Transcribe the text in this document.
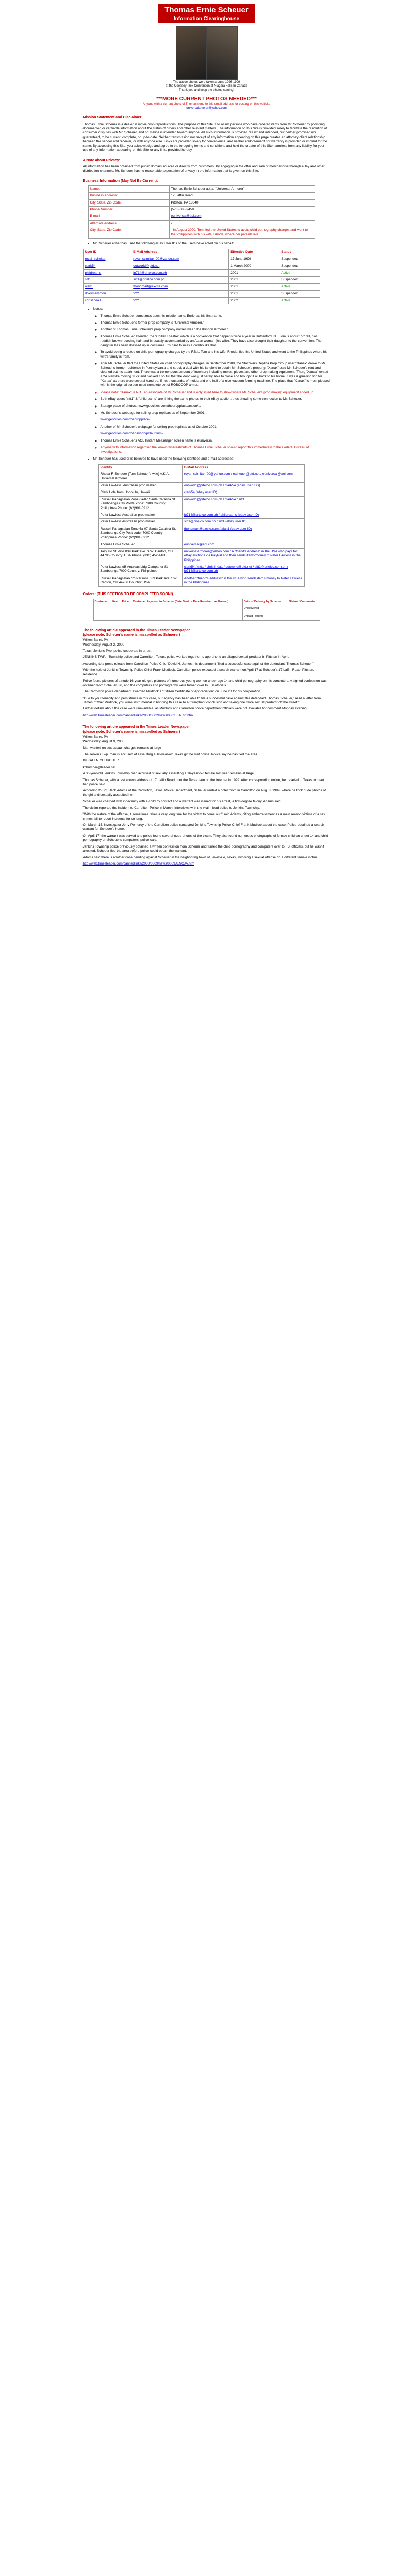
Thomas Ernie Scheuer
Information Clearinghouse
The above photos were taken around 1996-1999
at the Odessey Trek Convention at Niagara Falls In Canada
Thank you and keep the photos coming!
***MORE CURRENT PHOTOS NEEDED***
Anyone with a current photo of Thomas send to this email address for posting on this website
universalamorer@yahoo.com
Mission Statement and Disclaimer:

Thomas Ernie Scheuer is a dealer in movie prop reproductions. The purpose of this Site is to assist persons who have ordered items from Mr. Scheuer by providing documented or verifiable information about the status of orders and other relevant matters. The information on this Site is provided solely to facilitate the resolution of consumer disputes with Mr. Scheuer, and no malice is intended toward anyone. All such information is provided "as is" and intended, but neither promised nor guaranteed, to be current, complete, or up-to-date. Neither transmission nor receipt of any information appearing on this page creates an attorney-client relationship between the sender and receiver, or with anyone else. Links are provided solely for convenience, and neither endorsement nor warranty is provided or implied for the same. By accessing this Site, you acknowledge and agree to the foregoing terms and conditions and hold the creator of this Site harmless from any liability for your use of any information appearing on this Site or any links provided hereby.

A Note about Privacy:

All information has been obtained from public domain sources or directly from customers. By engaging in the offer and sale of merchandise through eBay and other distribution channels, Mr. Scheuer has no reasonable expectation of privacy in the information that is given on this Site.

Business Information (May Not Be Current):
Name:	Thomas Ernie Scheuer a.k.a. "Universal Armorer"
Business Address:	17 Laffin Road
City, State, Zip Code:	Pittston, PA 18640
Phone Number:	(570) 883-9459
E-mail:	euniversal@aol.com
Alternate Address:	-
City, State, Zip Code:	- In August 2000, Tom fled the United States to avoid child pornography charges and went to the Philippines with his wife, Rhoda, where her parents live.
• Mr. Scheuer either has used the following eBay User IDs or the users have acted on his behalf:
User ID	E-Mail Address	Effective Date	Status
royal_scimitar	royal_scimitar_00@yahoo.com	17 June 1999	Suspended
clark54	outworld@ptd.net	1 March 2000	Suspended
phildreams	jp714@prtelco.com.ph	2001	Active
sitt1	sitt1@prtelco.com.ph	2001	Suspended
alan1	thongmart@excite.com	2001	Active
doxymammon	???	2001	Suspended
christinea1	???	2002	Active
• Notes:
◦ Thomas Ernie Scheuer sometimes uses his middle name, Ernie, as his first name.
◦ Thomas Ernie Scheuer's former prop company is "Universal Armorer."
◦ Another of Thomas Ernie Scheuer's prop company names was "The Klingon Armorer."
◦ Thomas Ernie Scheuer attended the "Chiller Theatre" which is a convention that happens twice a year in Rutherford, NJ. Tom is about 5'7" tall, has reddish-brown receding hair, and is usually accompanied by an Asian woman (his wife). They have also brought their daughter to the convention. The daughter has been dressed up in costumes. It's hard to miss a combo like that.
◦ To avoid being arrested on child pornography charges by the F.B.I., Tom and his wife, Rhoda, fled the United States and went to the Philippines where his wife's family is from.
◦ After Mr. Scheuer fled the United States on child pornography charges, in September 2000, the Star Wars Replica Prop Group user "Xanax" drove to Mr. Scheuer's former residence in Pennsylvania and struck a deal with his landlord to obtain Mr. Scheuer's property. "Xanax" paid Mr. Scheuer's rent and cleaned out his apartment. There was a tremendous amount of inventory including molds, pieces and other prop making equipment. Then, "Xanax" rented a 24' Penske moving truck and packed it so full that the door was just barely able to close and brought it all back to his home. It was a gruelling trip for "Xanax" as there were several hundred, if not thousands, of molds and one hell of a nice vacuum-forming machine. The place that "Xanax" is most pleased with is the original screen-used complete set of ROBOCOP armor.
◦ Please note: "Xanax" is NOT an associate of Mr. Scheuer and is only listed here to show where Mr. Scheuer's prop making equipment ended up.
◦ Both eBay users "sitt1" & "phildreams" are linking the same photos to their eBay auction, thus showing some connection to Mr. Scheuer.
◦ Storage place of photos...www.geocities.com/thepropplace/action/...
◦ Mr. Scheuer's webpage for selling prop replicas as of September 2001...
www.geocities.com/thepropplace/
◦ Another of Mr. Scheuer's webpage for selling prop replicas as of October 2001...
www.geocities.com/thanavhon/prilauttinmi/
◦ Thomas Ernie Scheuer's AOL Instant Messenger screen name is euniversal.
◦ Anyone with information regarding the known whereabouts of Thomas Ernie Scheuer should report this immediately to the Federal Bureau of Investigations.
• Mr. Scheuer has used or is believed to have used the following identities and e-mail addresses:
Identity	E-Mail Address
Rhoda F. Scheuer (Tom Scheuer's wife) A.K.A. Universal Armorer	royal_scimitar_00@yahoo.com / rscheuer@ptd.net / euniversal@aol.com
Peter Lawless, Australian prop maker	outworld@prtelco.com.ph / clark54 (ebay user ID's)
Clark Hole from Honolulu, Hawaii	clark54 (ebay user ID)
Russell Panagsalan Zone 6a-07 Santa Catalina St. Zamboanga City Postal code: 7000 Country: Philippines Phone: (62)991-0912	outworld@prtelco.com.ph / clark54 / sitt1
Peter Lawless Australian prop maker	jp714@prtelco.com.ph / phildreams (ebay user ID)
Peter Lawless Australian prop maker	sitt1@prtelco.com.ph / sitt1 (ebay user ID)
Russell Panagsalan Zone 6a-07 Santa Catalina St. Zamboanga City Post code: 7000 Country: Philippines Phone: (62)991-0912	thongmart@excite.com / alan1 (ebay user ID)
Thomas Ernie Scheuer	euniversal@aol.com
Tally Ho Studios 839 Park Ave. S.W. Canton, OH 44706 Country: USA Phone: (330) 452-4488	universalarmorer@yahoo.com / A "friend's address" in the USA who pays for eBay auctions via PayPal and then sends items/money to Peter Lawless in the Philippines.
Peter Lawless dB Andreas bldg Campaner St Zamboanga 7000 Country: Philippines	clark54 / sitt1 / christinea1 / outworld@ptd.net / sitt1@prtelco.com.ph / jp714@prtelco.com.ph
Russell Panagsalan c/o Parsons 839 Park Ave. SW Canton, OH 44706 Country: USA	Another "friend's address" in the USA who sends items/money to Peter Lawless in the Philippines.
Orders: (THIS SECTION TO BE COMPLETED SOON!)
Customer	Item	Price	Customer Payment to Scheuer (Date Sent or Date Received, as Known)	Date of Delivery by Scheuer	Status / Comments
-	-	-	-	Undelivered	-
-	-	-	-	Unpaid-Refund	-
The following article appeared in the Times Leader Newspaper
(please note: Scheuer's name is misspelled as Schuerer)

Wilkes-Barre, PA

Wednesday, August 2, 2000

Texas, Jenkins Twp. police cooperate in arrest

JENKINS TWP. - Township police and Carrollton, Texas, police worked together to apprehend an alleged sexual predator in Pittston in April.

According to a press release from Carrollton Police Chief David N. James, his department "filed a successful case against the defendant, Thomas Scheuer."

With the help of Jenkins Township Police Chief Frank Mudlock, Carrollton police executed a search warrant on April 17 at Scheuer's 17 Laffin Road, Pittston, residence.

Police found pictures of a nude 16-year-old girl, pictures of numerous young women under age 14 and child pornography on his computers. A signed confession was obtained from Scheuer, 36, and the computers and pornography were turned over to FBI officials.

The Carrollton police department awarded Mudlock a "Citizen Certificate of Appreciation" on June 20 for his cooperation.

"Due to your tenacity and persistence in this case, our agency has been able to file a successful case against the defendant Thomas Scheuer," read a letter from James. "Chief Mudlock, you were instrumental in bringing this case to a triumphant conclusion and taking one more sexual predator off the street."

Further details about the case were unavailable, as Mudlock and Carrollton police department officials were not available for comment Monday evening.

http://web.timesleader.com/cannedlinks/2000/0802/news/0802TTR.htt.htm

The following article appeared in the Times Leader Newspaper
(please note: Scheuer's name is misspelled as Schuerer)

Wilkes-Barre, PA

Wednesday, August 9, 2000

Man wanted on sex assault charges remains at large

The Jenkins Twp. man is accused of assaulting a 16-year-old Texas girl he met online. Police say he has fled the area.

By KALEN CHURCHER

kchurcher@leader.net

A 36-year-old Jenkins Township man accused of sexually assaulting a 16-year-old female last year remains at large.

Thomas Scheuer, with a last known address of 17 Laffin Road, met the Texas teen on the Internet in 1999. After corresponding online, he traveled to Texas to meet her, police said.

According to Sgt. Jack Adams of the Carrollton, Texas, Police Department, Scheuer rented a hotel room in Carrollton on Aug. 8, 1999, where he took nude photos of the girl and sexually assaulted her.

Scheuer was charged with indecency with a child by contact and a warrant was issued for his arrest, a first-degree felony, Adams said.

The victim reported the incident to Carrollton Police in March. Interviews with the victim lead police to Jenkins Township.

"With the nature of the offense, it sometimes takes a very long time for the victim to come out," said Adams, citing embarrassment as a main reason victims of a sex crimes fail to report incidents for so long.

On March 15, investigator Jerry Pomeroy of the Carrollton police contacted Jenkins Township Police Chief Frank Mudlock about the case. Police obtained a search warrant for Scheuer's home.

On April 17, the warrant was served and police found several nude photos of the victim. They also found numerous photographs of female children under 14 and child pornography on Scheuer's computers, police said.

Jenkins Township police previously obtained a written confession from Scheuer and turned the child pornography and computers over to FBI officials, but he wasn't arrested. Scheuer fled the area before police could obtain the warrant.

Adams said there is another case pending against Scheuer in the neighboring town of Lewisville, Texas, involving a sexual offense on a different female victim.

http://web.timesleader.com/cannedlinks/2000/0809/news/0809JENCJA.htm
